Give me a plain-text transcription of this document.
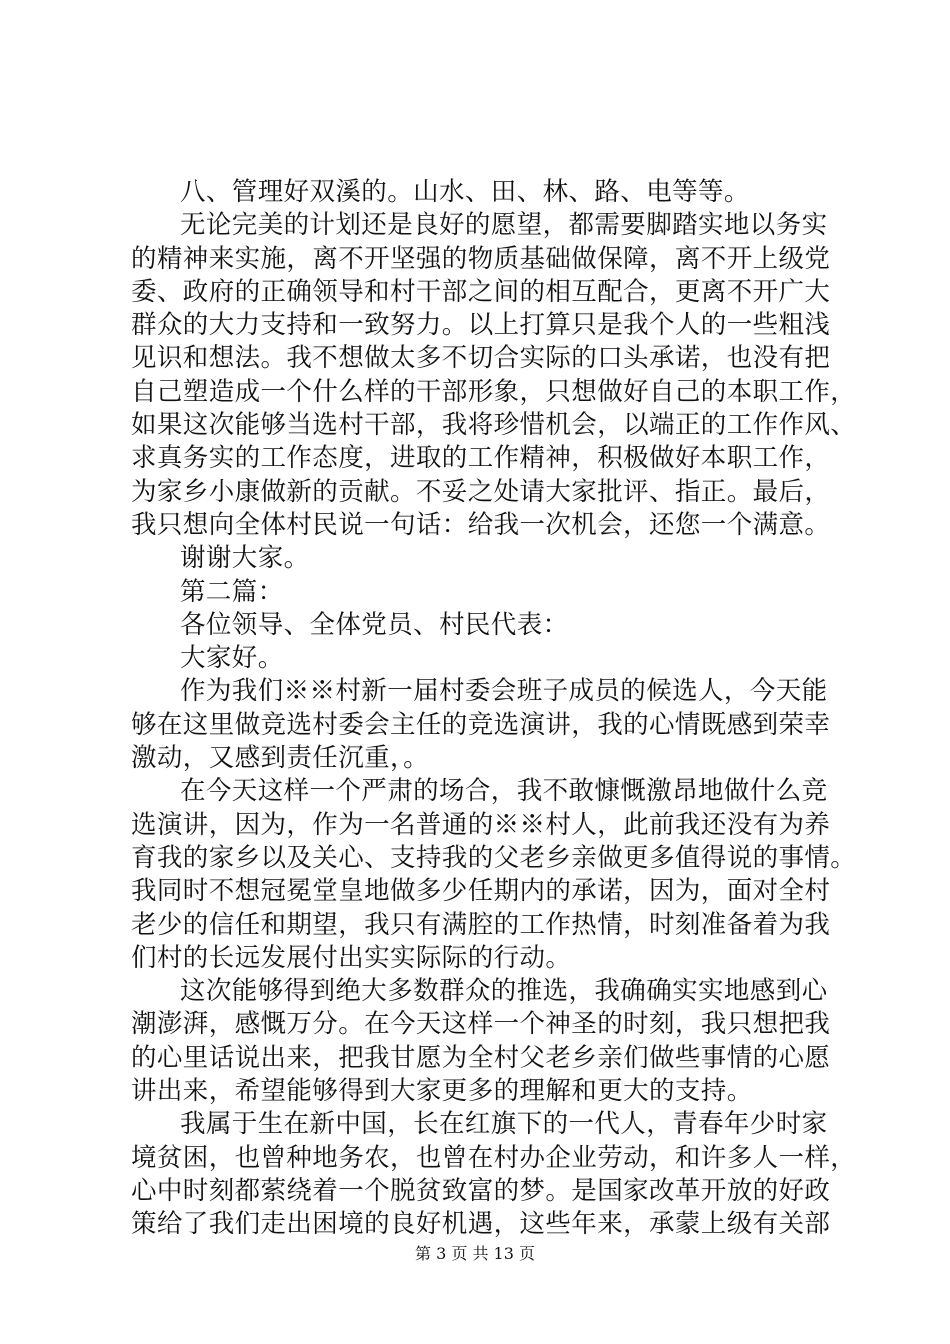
八、管理好双溪的。山水、田、林、路、电等等。
无论完美的计划还是良好的愿望，都需要脚踏实地以务实
的精神来实施，离不开坚强的物质基础做保障，离不开上级党
委、政府的正确领导和村干部之间的相互配合，更离不开广大
群众的大力支持和一致努力。以上打算只是我个人的一些粗浅
见识和想法。我不想做太多不切合实际的口头承诺，也没有把
自己塑造成一个什么样的干部形象，只想做好自己的本职工作，
如果这次能够当选村干部，我将珍惜机会，以端正的工作作风、
求真务实的工作态度，进取的工作精神，积极做好本职工作，
为家乡小康做新的贡献。不妥之处请大家批评、指正。最后，
我只想向全体村民说一句话：给我一次机会，还您一个满意。
谢谢大家。
第二篇：
各位领导、全体党员、村民代表：
大家好。
作为我们※※村新一届村委会班子成员的候选人，今天能
够在这里做竞选村委会主任的竞选演讲，我的心情既感到荣幸
激动，又感到责任沉重，。
在今天这样一个严肃的场合，我不敢慷慨激昂地做什么竞
选演讲，因为，作为一名普通的※※村人，此前我还没有为养
育我的家乡以及关心、支持我的父老乡亲做更多值得说的事情。
我同时不想冠冕堂皇地做多少任期内的承诺，因为，面对全村
老少的信任和期望，我只有满腔的工作热情，时刻准备着为我
们村的长远发展付出实实际际的行动。
这次能够得到绝大多数群众的推选，我确确实实地感到心
潮澎湃，感慨万分。在今天这样一个神圣的时刻，我只想把我
的心里话说出来，把我甘愿为全村父老乡亲们做些事情的心愿
讲出来，希望能够得到大家更多的理解和更大的支持。
我属于生在新中国，长在红旗下的一代人，青春年少时家
境贫困，也曾种地务农，也曾在村办企业劳动，和许多人一样，
心中时刻都萦绕着一个脱贫致富的梦。是国家改革开放的好政
策给了我们走出困境的良好机遇，这些年来，承蒙上级有关部
第 3 页 共 13 页
